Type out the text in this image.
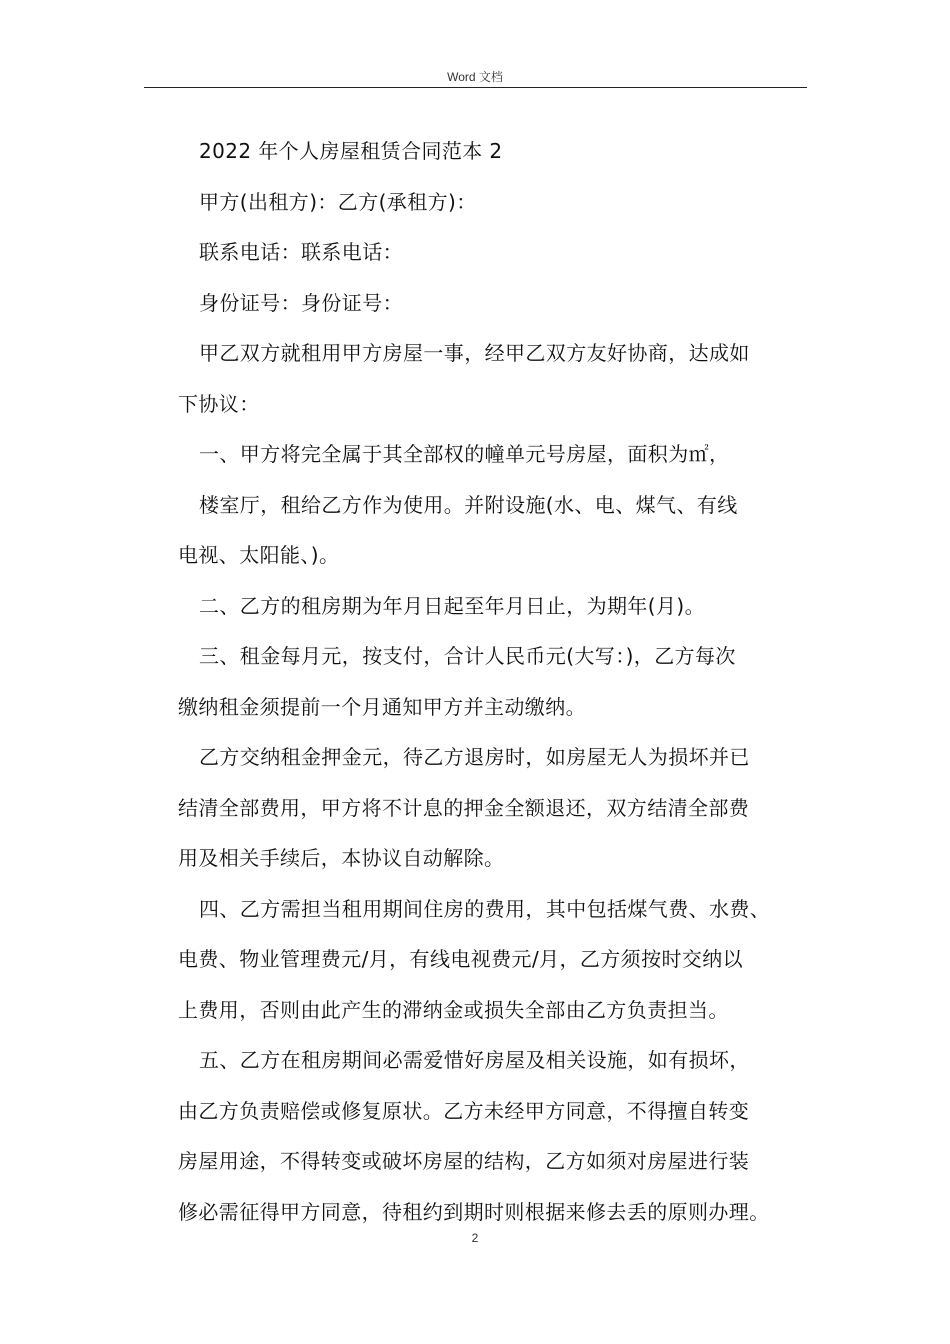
Word 文档

2022 年个人房屋租赁合同范本 2

甲方(出租方)：乙方(承租方)：

联系电话：联系电话：

身份证号：身份证号：

甲乙双方就租用甲方房屋一事，经甲乙双方友好协商，达成如

下协议：

一、甲方将完全属于其全部权的幢单元号房屋，面积为㎡，

楼室厅，租给乙方作为使用。并附设施(水、电、煤气、有线

电视、太阳能、)。

二、乙方的租房期为年月日起至年月日止，为期年(月)。

三、租金每月元，按支付，合计人民币元(大写：)，乙方每次

缴纳租金须提前一个月通知甲方并主动缴纳。

乙方交纳租金押金元，待乙方退房时，如房屋无人为损坏并已

结清全部费用，甲方将不计息的押金全额退还，双方结清全部费

用及相关手续后，本协议自动解除。

四、乙方需担当租用期间住房的费用，其中包括煤气费、水费、

电费、物业管理费元/月，有线电视费元/月，乙方须按时交纳以

上费用，否则由此产生的滞纳金或损失全部由乙方负责担当。

五、乙方在租房期间必需爱惜好房屋及相关设施，如有损坏，

由乙方负责赔偿或修复原状。乙方未经甲方同意，不得擅自转变

房屋用途，不得转变或破坏房屋的结构，乙方如须对房屋进行装

修必需征得甲方同意，待租约到期时则根据来修去丢的原则办理。

2
